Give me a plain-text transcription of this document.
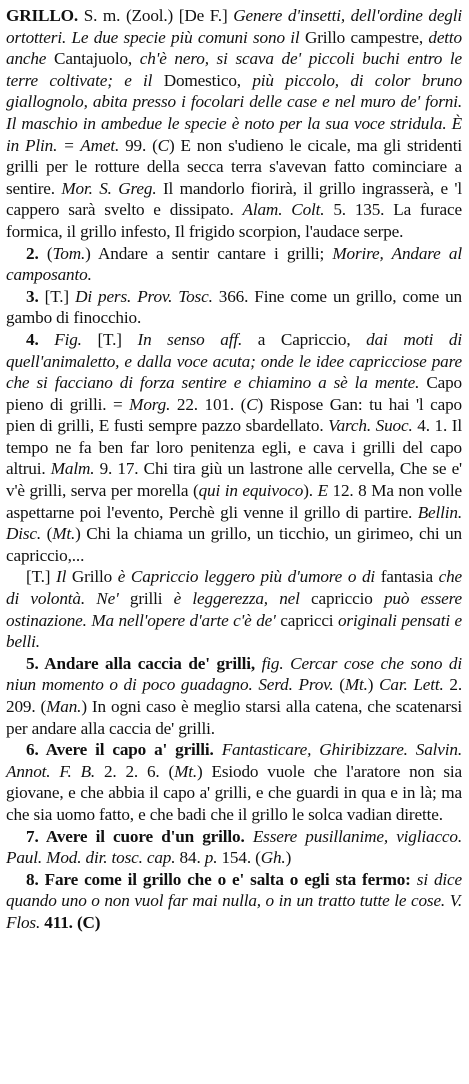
GRILLO. S. m. (Zool.) [De F.] Genere d'insetti, dell'ordine degli ortotteri. Le due specie più comuni sono il Grillo campestre, detto anche Cantajuolo, ch'è nero, si scava de' piccoli buchi entro le terre coltivate; e il Domestico, più piccolo, di color bruno giallognolo, abita presso i focolari delle case e nel muro de' forni. Il maschio in ambedue le specie è noto per la sua voce stridula. È in Plin. = Amet. 99. (C) E non s'udieno le cicale, ma gli stridenti grilli per le rotture della secca terra s'avevan fatto cominciare a sentire. Mor. S. Greg. Il mandorlo fiorirà, il grillo ingrasserà, e 'l cappero sarà svelto e dissipato. Alam. Colt. 5. 135. La furace formica, il grillo infesto, Il frigido scorpion, l'audace serpe.

2. (Tom.) Andare a sentir cantare i grilli; Morire, Andare al camposanto.

3. [T.] Di pers. Prov. Tosc. 366. Fine come un grillo, come un gambo di finocchio.

4. Fig. [T.] In senso aff. a Capriccio, dai moti di quell'animaletto, e dalla voce acuta; onde le idee capricciose pare che si facciano di forza sentire e chiamino a sè la mente. Capo pieno di grilli. = Morg. 22. 101. (C) Rispose Gan: tu hai 'l capo pien di grilli, E fusti sempre pazzo sbardellato. Varch. Suoc. 4. 1. Il tempo ne fa ben far loro penitenza egli, e cava i grilli del capo altrui. Malm. 9. 17. Chi tira giù un lastrone alle cervella, Che se e' v'è grilli, serva per morella (qui in equivoco). E 12. 8 Ma non volle aspettarne poi l'evento, Perchè gli venne il grillo di partire. Bellin. Disc. (Mt.) Chi la chiama un grillo, un ticchio, un girimeo, chi un capriccio,...

[T.] Il Grillo è Capriccio leggero più d'umore o di fantasia che di volontà. Ne' grilli è leggerezza, nel capriccio può essere ostinazione. Ma nell'opere d'arte c'è de' capricci originali pensati e belli.

5. Andare alla caccia de' grilli, fig. Cercar cose che sono di niun momento o di poco guadagno. Serd. Prov. (Mt.) Car. Lett. 2. 209. (Man.) In ogni caso è meglio starsi alla catena, che scatenarsi per andare alla caccia de' grilli.

6. Avere il capo a' grilli. Fantasticare, Ghiribizzare. Salvin. Annot. F. B. 2. 2. 6. (Mt.) Esiodo vuole che l'aratore non sia giovane, e che abbia il capo a' grilli, e che guardi in qua e in là; ma che sia uomo fatto, e che badi che il grillo le solca vadian dirette.

7. Avere il cuore d'un grillo. Essere pusillanime, vigliacco. Paul. Mod. dir. tosc. cap. 84. p. 154. (Gh.)

8. Fare come il grillo che o e' salta o egli sta fermo: si dice quando uno o non vuol far mai nulla, o in un tratto tutte le cose. V. Flos. 411. (C)
